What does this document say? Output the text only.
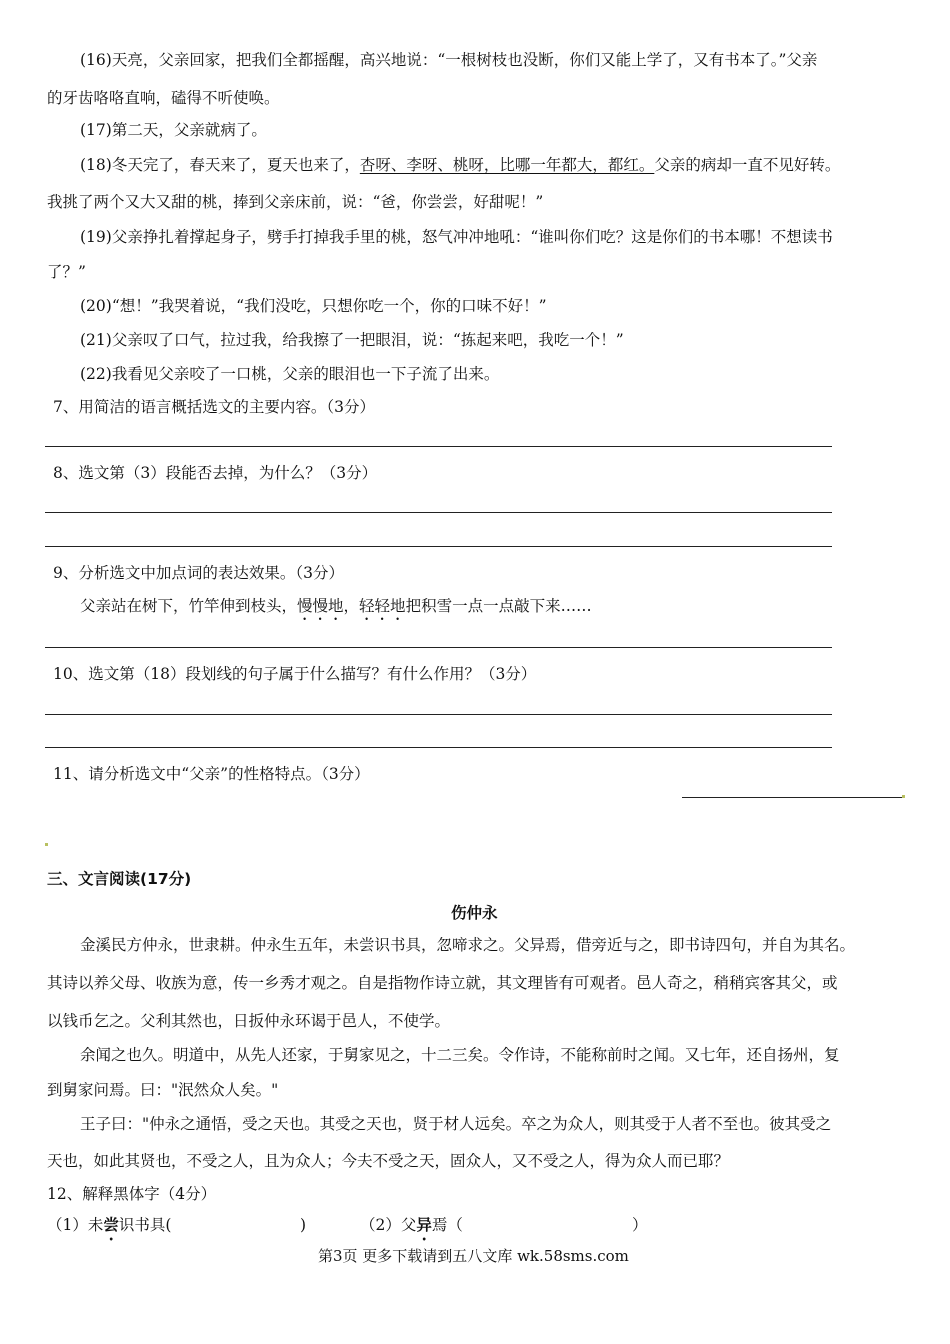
(16)天亮，父亲回家，把我们全都摇醒，高兴地说：“一根树枝也没断，你们又能上学了，又有书本了。”父亲
的牙齿咯咯直响，磕得不听使唤。
(17)第二天，父亲就病了。
(18)冬天完了，春天来了，夏天也来了，杏呀、李呀、桃呀，比哪一年都大，都红。父亲的病却一直不见好转。
我挑了两个又大又甜的桃，捧到父亲床前，说：“爸，你尝尝，好甜呢！”
(19)父亲挣扎着撑起身子，劈手打掉我手里的桃，怒气冲冲地吼：“谁叫你们吃？这是你们的书本哪！不想读书
了？”
(20)“想！”我哭着说，“我们没吃，只想你吃一个，你的口味不好！”
(21)父亲叹了口气，拉过我，给我擦了一把眼泪，说：“拣起来吧，我吃一个！”
(22)我看见父亲咬了一口桃，父亲的眼泪也一下子流了出来。
7、用简洁的语言概括选文的主要内容。（3分）
8、选文第（3）段能否去掉，为什么？（3分）
9、分析选文中加点词的表达效果。（3分）
父亲站在树下，竹竿伸到枝头，慢慢地，轻轻地把积雪一点一点敲下来……
10、选文第（18）段划线的句子属于什么描写？有什么作用？（3分）
11、请分析选文中“父亲”的性格特点。（3分）
三、文言阅读(17分)
伤仲永
金溪民方仲永，世隶耕。仲永生五年，未尝识书具，忽啼求之。父异焉，借旁近与之，即书诗四句，并自为其名。
其诗以养父母、收族为意，传一乡秀才观之。自是指物作诗立就，其文理皆有可观者。邑人奇之，稍稍宾客其父，或
以钱币乞之。父利其然也，日扳仲永环谒于邑人，不使学。
余闻之也久。明道中，从先人还家，于舅家见之，十二三矣。令作诗，不能称前时之闻。又七年，还自扬州，复
到舅家问焉。曰："泯然众人矣。"
王子曰："仲永之通悟，受之天也。其受之天也，贤于材人远矣。卒之为众人，则其受于人者不至也。彼其受之
天也，如此其贤也，不受之人，且为众人；今夫不受之天，固众人，又不受之人，得为众人而已耶？
12、解释黑体字（4分）
（1）未尝识书具(	)	（2）父异焉（	）
第3页 更多下载请到五八文库 wk.58sms.com
